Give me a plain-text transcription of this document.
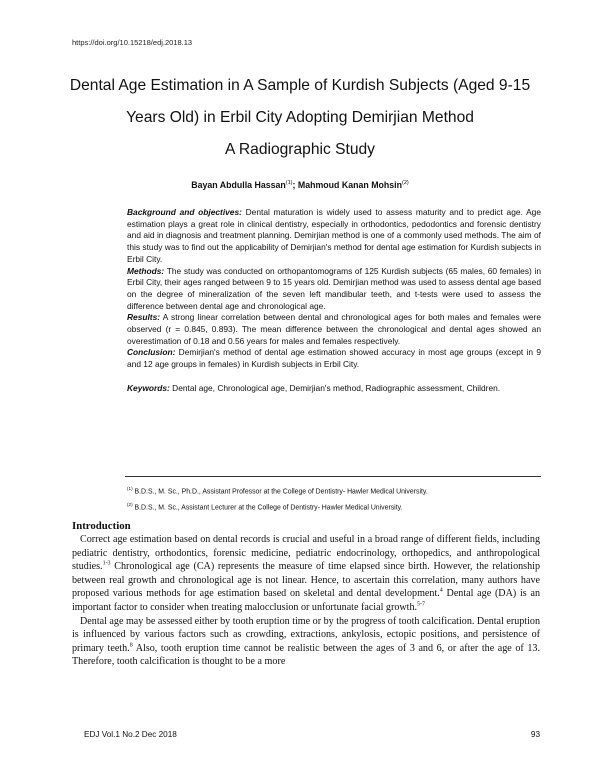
https://doi.org/10.15218/edj.2018.13
Dental Age Estimation in A Sample of Kurdish Subjects (Aged 9-15
Years Old) in Erbil City Adopting Demirjian Method
A Radiographic Study
Bayan Abdulla Hassan$^{(1)}$; Mahmoud Kanan Mohsin$^{(2)}$

Background and objectives: Dental maturation is widely used to assess maturity and to predict age. Age estimation plays a great role in clinical dentistry, especially in orthodontics, pedodontics and forensic dentistry and aid in diagnosis and treatment planning. Demirjian method is one of a commonly used methods. The aim of this study was to find out the applicability of Demirjian's method for dental age estimation for Kurdish subjects in Erbil City.

Methods: The study was conducted on orthopantomograms of 125 Kurdish subjects (65 males, 60 females) in Erbil City, their ages ranged between 9 to 15 years old. Demirjian method was used to assess dental age based on the degree of mineralization of the seven left mandibular teeth, and t-tests were used to assess the difference between dental age and chronological age.

Results: A strong linear correlation between dental and chronological ages for both males and females were observed (r = 0.845, 0.893). The mean difference between the chronological and dental ages showed an overestimation of 0.18 and 0.56 years for males and females respectively.

Conclusion: Demirjian's method of dental age estimation showed accuracy in most age groups (except in 9 and 12 age groups in females) in Kurdish subjects in Erbil City.

Keywords: Dental age, Chronological age, Demirjian's method, Radiographic assessment, Children.

$^{(1)}$ B.D.S., M. Sc., Ph.D., Assistant Professor at the College of Dentistry- Hawler Medical University.
$^{(2)}$ B.D.S., M. Sc., Assistant Lecturer at the College of Dentistry- Hawler Medical University.
Introduction

Correct age estimation based on dental records is crucial and useful in a broad range of different fields, including pediatric dentistry, orthodontics, forensic medicine, pediatric endocrinology, orthopedics, and anthropological studies.$^{1-3}$ Chronological age (CA) represents the measure of time elapsed since birth. However, the relationship between real growth and chronological age is not linear. Hence, to ascertain this correlation, many authors have proposed various methods for age estimation based on skeletal and dental development.$^4$ Dental age (DA) is an important factor to consider when treating malocclusion or unfortunate facial growth.$^{5-7}$

Dental age may be assessed either by tooth eruption time or by the progress of tooth calcification. Dental eruption is influenced by various factors such as crowding, extractions, ankylosis, ectopic positions, and persistence of primary teeth.$^8$ Also, tooth eruption time cannot be realistic between the ages of 3 and 6, or after the age of 13. Therefore, tooth calcification is thought to be a more

EDJ Vol.1 No.2 Dec 2018	93
